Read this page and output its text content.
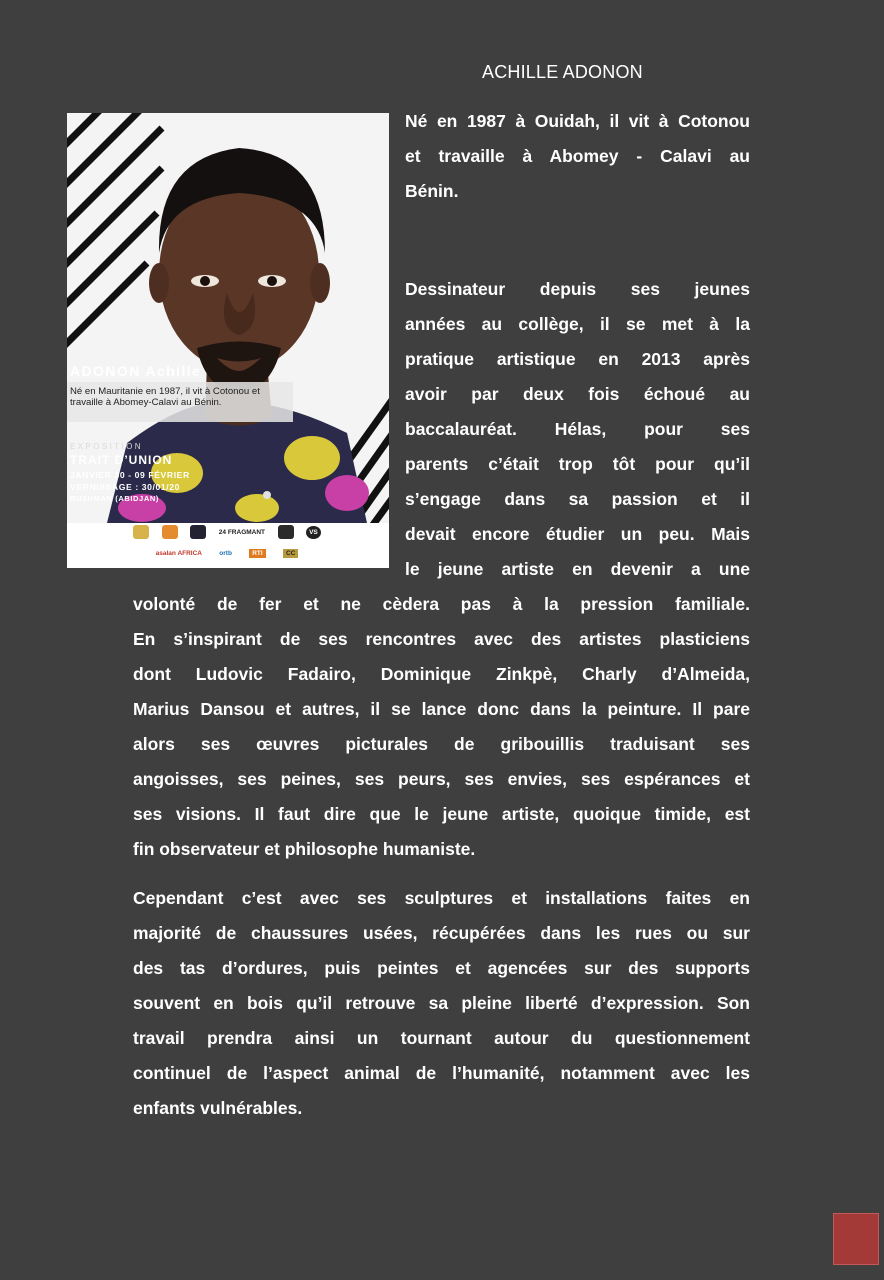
ACHILLE ADONON
ADONON Achille
Né en Mauritanie en 1987, il vit à Cotonou et travaille à Abomey-Calavi au Bénin.
EXPOSITION
TRAIT D’UNION
JANVIER 30 - 09 FÉVRIER
VERNISSAGE : 30/01/20
BUSHMAN (ABIDJAN)
24 FRAGMANT	VS
asalan AFRICA	ortb	RTI	CC
Né en 1987 à Ouidah, il vit à Cotonou
et travaille à Abomey - Calavi au
Bénin.
Dessinateur depuis ses jeunes
années au collège, il se met à la
pratique artistique en 2013 après
avoir par deux fois échoué au
baccalauréat. Hélas, pour ses
parents c’était trop tôt pour qu’il
s’engage dans sa passion et il
devait encore étudier un peu. Mais
le jeune artiste en devenir a une
volonté de fer et ne cèdera pas à la pression familiale.
En s’inspirant de ses rencontres avec des artistes plasticiens
dont Ludovic Fadairo, Dominique Zinkpè, Charly d’Almeida,
Marius Dansou et autres, il se lance donc dans la peinture. Il pare
alors ses œuvres picturales de gribouillis traduisant ses
angoisses, ses peines, ses peurs, ses envies, ses espérances et
ses visions. Il faut dire que le jeune artiste, quoique timide, est
fin observateur et philosophe humaniste.
Cependant c’est avec ses sculptures et installations faites en
majorité de chaussures usées, récupérées dans les rues ou sur
des tas d’ordures, puis peintes et agencées sur des supports
souvent en bois qu’il retrouve sa pleine liberté d’expression. Son
travail prendra ainsi un tournant autour du questionnement
continuel de l’aspect animal de l’humanité, notamment avec les
enfants vulnérables.
